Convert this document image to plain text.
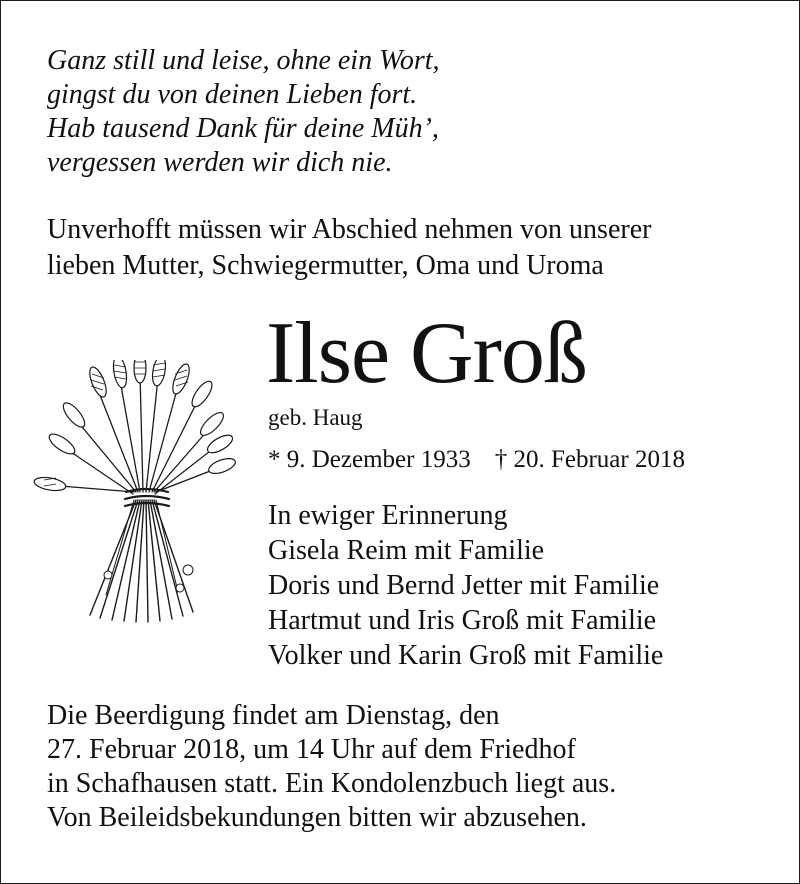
Ganz still und leise, ohne ein Wort,
gingst du von deinen Lieben fort.
Hab tausend Dank für deine Müh’,
vergessen werden wir dich nie.
Unverhofft müssen wir Abschied nehmen von unserer
lieben Mutter, Schwiegermutter, Oma und Uroma
Ilse Groß
geb. Haug
* 9. Dezember 1933 † 20. Februar 2018
In ewiger Erinnerung
Gisela Reim mit Familie
Doris und Bernd Jetter mit Familie
Hartmut und Iris Groß mit Familie
Volker und Karin Groß mit Familie
Die Beerdigung findet am Dienstag, den
27. Februar 2018, um 14 Uhr auf dem Friedhof
in Schafhausen statt. Ein Kondolenzbuch liegt aus.
Von Beileidsbekundungen bitten wir abzusehen.
